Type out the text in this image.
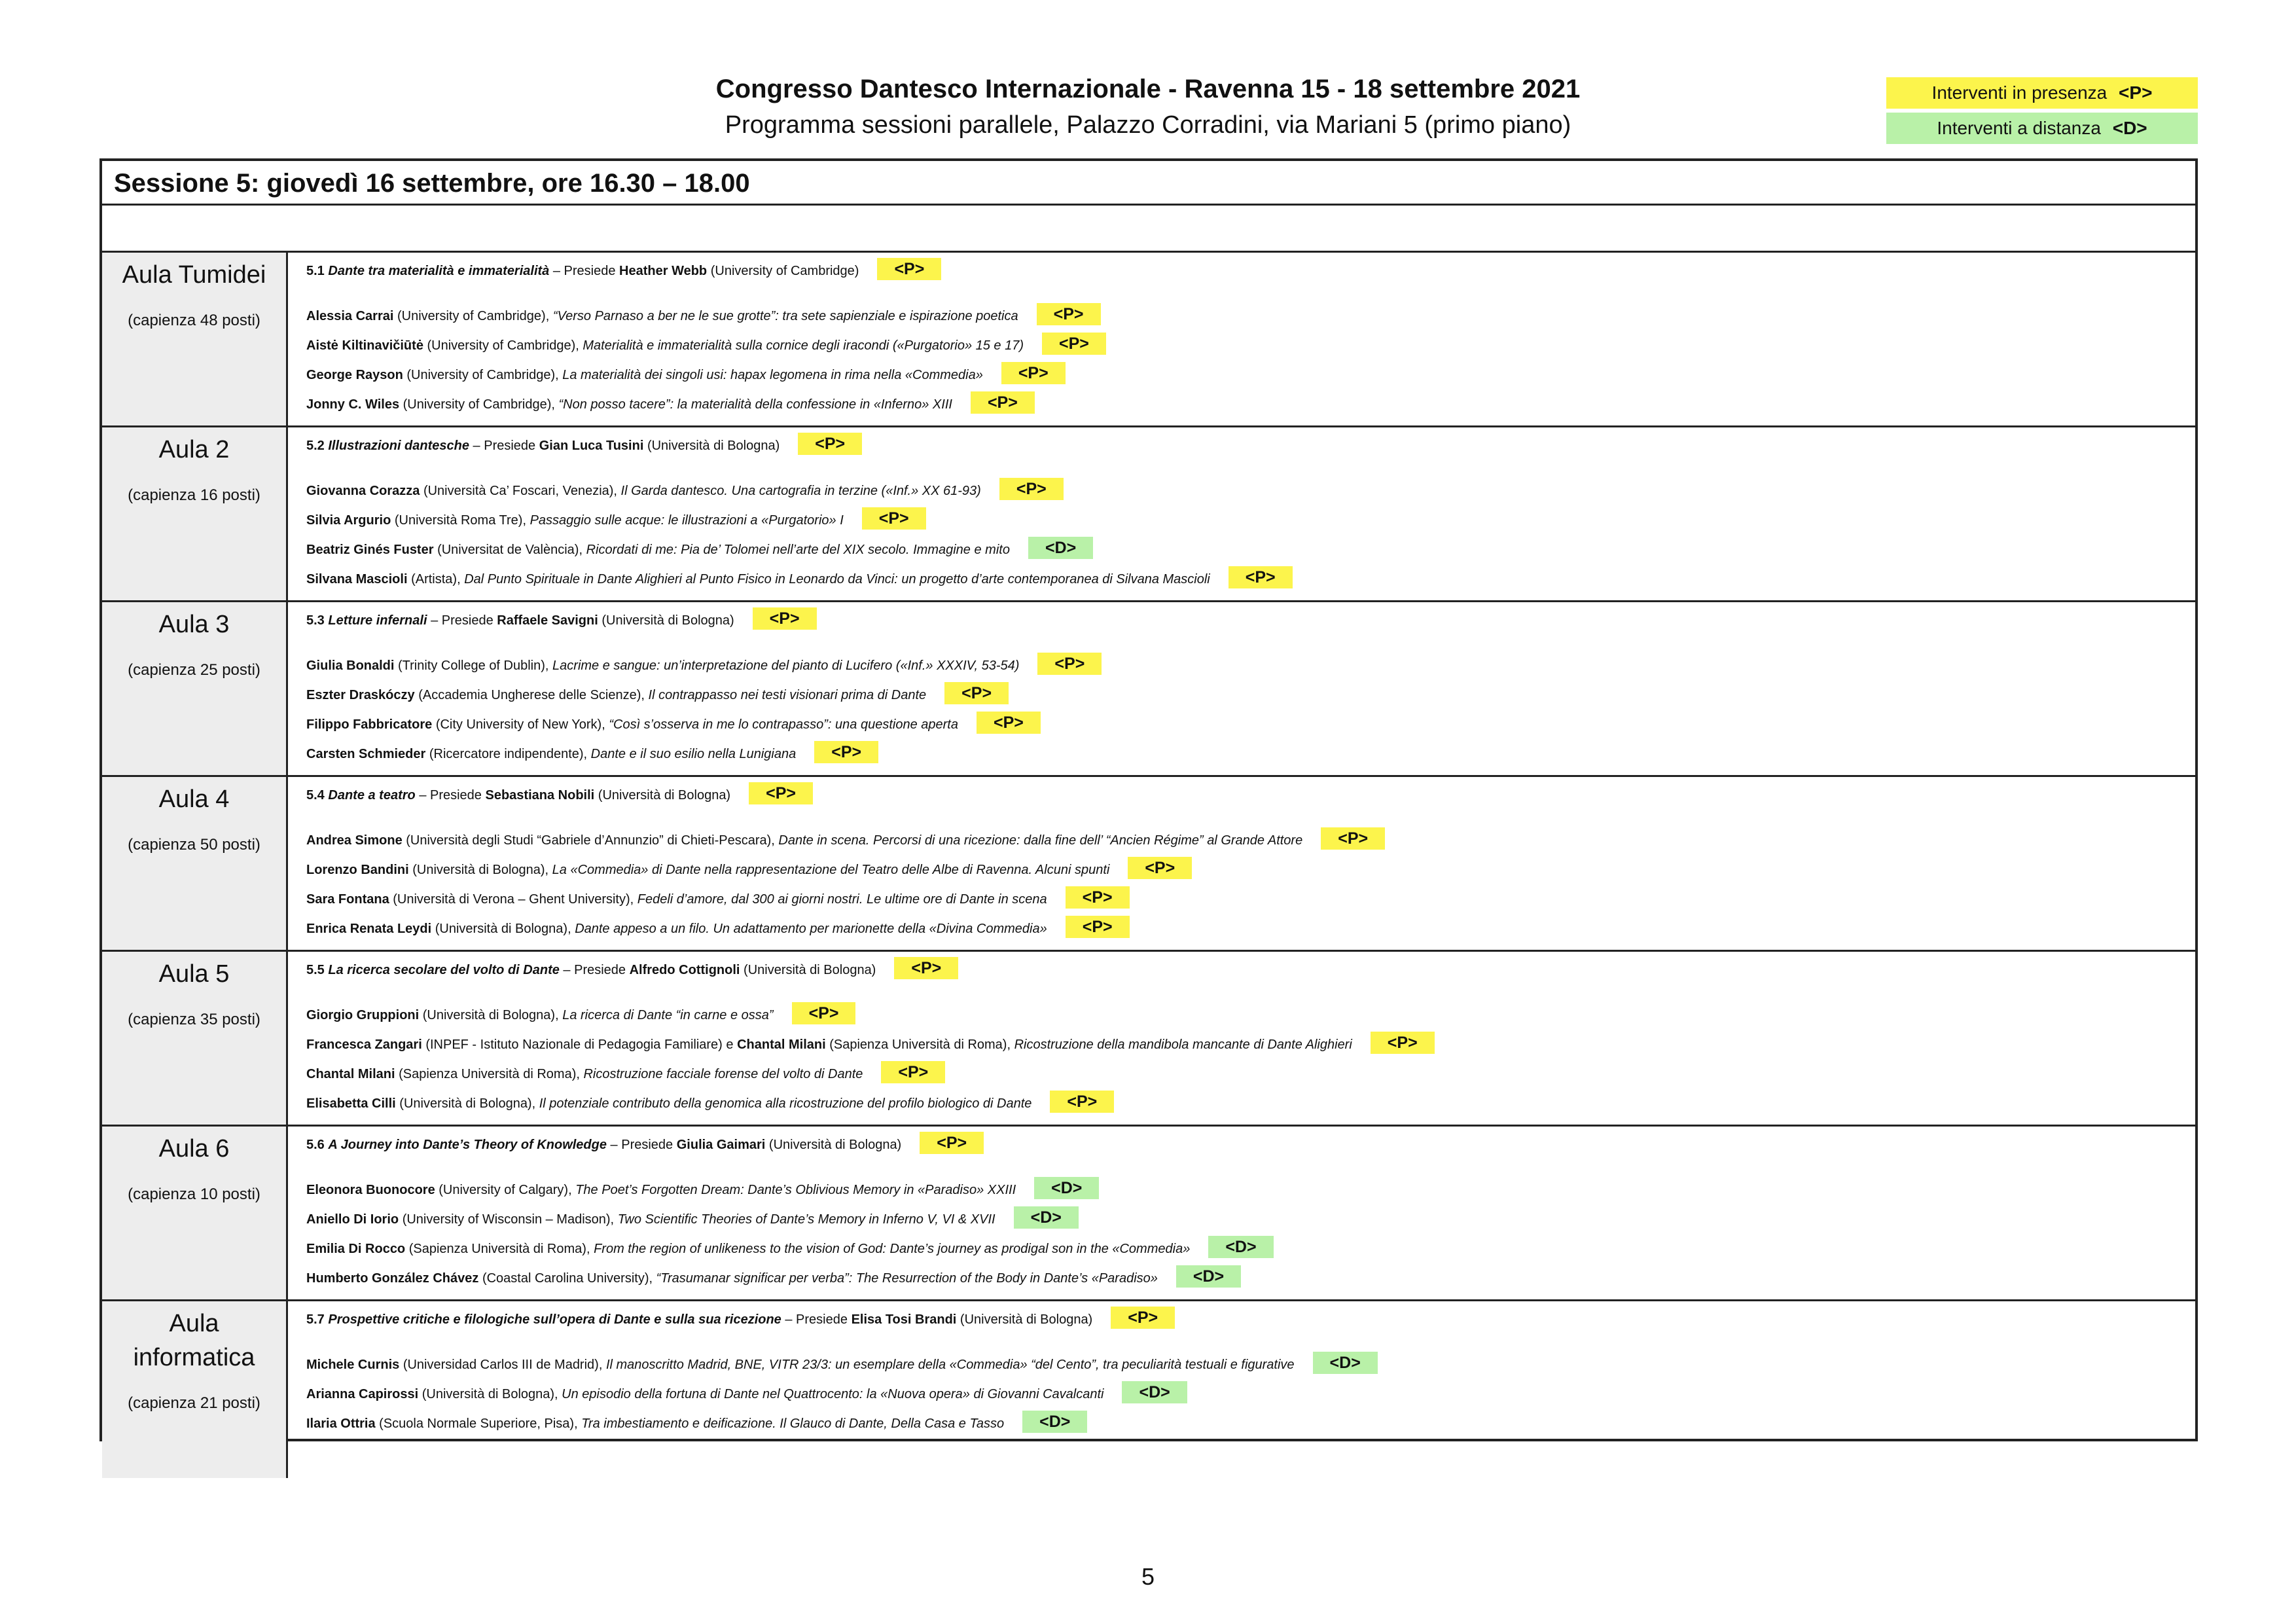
Congresso Dantesco Internazionale - Ravenna 15 - 18 settembre 2021
Programma sessioni parallele, Palazzo Corradini, via Mariani 5 (primo piano)
Interventi in presenza <P>
Interventi a distanza <D>
Sessione 5: giovedì 16 settembre, ore 16.30 – 18.00
Aula Tumidei
(capienza 48 posti)
5.1 Dante tra materialità e immaterialità – Presiede Heather Webb (University of Cambridge) <P>
Alessia Carrai (University of Cambridge), “Verso Parnaso a ber ne le sue grotte”: tra sete sapienziale e ispirazione poetica <P>
Aistė Kiltinavičiūtė (University of Cambridge), Materialità e immaterialità sulla cornice degli iracondi («Purgatorio» 15 e 17) <P>
George Rayson (University of Cambridge), La materialità dei singoli usi: hapax legomena in rima nella «Commedia» <P>
Jonny C. Wiles (University of Cambridge), “Non posso tacere”: la materialità della confessione in «Inferno» XIII <P>
Aula 2
(capienza 16 posti)
5.2 Illustrazioni dantesche – Presiede Gian Luca Tusini (Università di Bologna) <P>
Giovanna Corazza (Università Ca’ Foscari, Venezia), Il Garda dantesco. Una cartografia in terzine («Inf.» XX 61-93) <P>
Silvia Argurio (Università Roma Tre), Passaggio sulle acque: le illustrazioni a «Purgatorio» I <P>
Beatriz Ginés Fuster (Universitat de València), Ricordati di me: Pia de’ Tolomei nell’arte del XIX secolo. Immagine e mito <D>
Silvana Mascioli (Artista), Dal Punto Spirituale in Dante Alighieri al Punto Fisico in Leonardo da Vinci: un progetto d’arte contemporanea di Silvana Mascioli <P>
Aula 3
(capienza 25 posti)
5.3 Letture infernali – Presiede Raffaele Savigni (Università di Bologna) <P>
Giulia Bonaldi (Trinity College of Dublin), Lacrime e sangue: un’interpretazione del pianto di Lucifero («Inf.» XXXIV, 53-54) <P>
Eszter Draskóczy (Accademia Ungherese delle Scienze), Il contrappasso nei testi visionari prima di Dante <P>
Filippo Fabbricatore (City University of New York), “Così s’osserva in me lo contrapasso”: una questione aperta <P>
Carsten Schmieder (Ricercatore indipendente), Dante e il suo esilio nella Lunigiana <P>
Aula 4
(capienza 50 posti)
5.4 Dante a teatro – Presiede Sebastiana Nobili (Università di Bologna) <P>
Andrea Simone (Università degli Studi “Gabriele d’Annunzio” di Chieti-Pescara), Dante in scena. Percorsi di una ricezione: dalla fine dell’ “Ancien Régime” al Grande Attore <P>
Lorenzo Bandini (Università di Bologna), La «Commedia» di Dante nella rappresentazione del Teatro delle Albe di Ravenna. Alcuni spunti <P>
Sara Fontana (Università di Verona – Ghent University), Fedeli d’amore, dal 300 ai giorni nostri. Le ultime ore di Dante in scena <P>
Enrica Renata Leydi (Università di Bologna), Dante appeso a un filo. Un adattamento per marionette della «Divina Commedia» <P>
Aula 5
(capienza 35 posti)
5.5 La ricerca secolare del volto di Dante – Presiede Alfredo Cottignoli (Università di Bologna) <P>
Giorgio Gruppioni (Università di Bologna), La ricerca di Dante “in carne e ossa” <P>
Francesca Zangari (INPEF - Istituto Nazionale di Pedagogia Familiare) e Chantal Milani (Sapienza Università di Roma), Ricostruzione della mandibola mancante di Dante Alighieri <P>
Chantal Milani (Sapienza Università di Roma), Ricostruzione facciale forense del volto di Dante <P>
Elisabetta Cilli (Università di Bologna), Il potenziale contributo della genomica alla ricostruzione del profilo biologico di Dante <P>
Aula 6
(capienza 10 posti)
5.6 A Journey into Dante’s Theory of Knowledge – Presiede Giulia Gaimari (Università di Bologna) <P>
Eleonora Buonocore (University of Calgary), The Poet’s Forgotten Dream: Dante’s Oblivious Memory in «Paradiso» XXIII <D>
Aniello Di Iorio (University of Wisconsin – Madison), Two Scientific Theories of Dante’s Memory in Inferno V, VI & XVII <D>
Emilia Di Rocco (Sapienza Università di Roma), From the region of unlikeness to the vision of God: Dante’s journey as prodigal son in the «Commedia» <D>
Humberto González Chávez (Coastal Carolina University), “Trasumanar significar per verba”: The Resurrection of the Body in Dante’s «Paradiso» <D>
Aula informatica
(capienza 21 posti)
5.7 Prospettive critiche e filologiche sull’opera di Dante e sulla sua ricezione – Presiede Elisa Tosi Brandi (Università di Bologna) <P>
Michele Curnis (Universidad Carlos III de Madrid), Il manoscritto Madrid, BNE, VITR 23/3: un esemplare della «Commedia» “del Cento”, tra peculiarità testuali e figurative <D>
Arianna Capirossi (Università di Bologna), Un episodio della fortuna di Dante nel Quattrocento: la «Nuova opera» di Giovanni Cavalcanti <D>
Ilaria Ottria (Scuola Normale Superiore, Pisa), Tra imbestiamento e deificazione. Il Glauco di Dante, Della Casa e Tasso <D>
5
